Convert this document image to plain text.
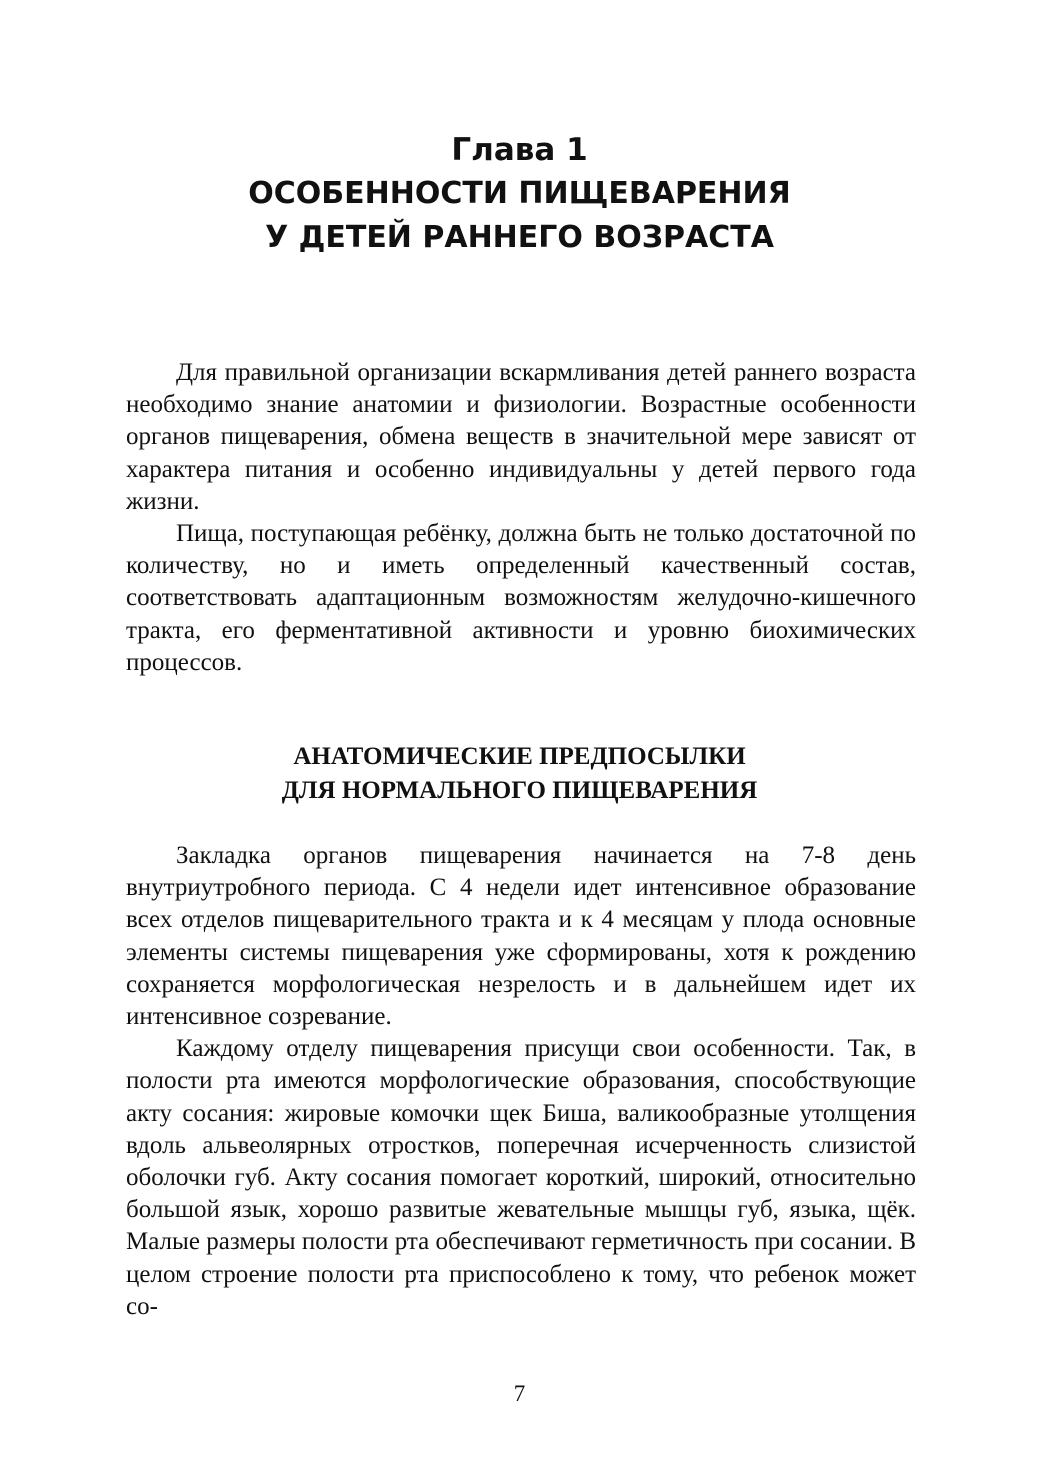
Глава 1
ОСОБЕННОСТИ ПИЩЕВАРЕНИЯ
У ДЕТЕЙ РАННЕГО ВОЗРАСТА

Для правильной организации вскармливания детей раннего возраста необходимо знание анатомии и физиологии. Возрастные особенности органов пищеварения, обмена веществ в значительной мере зависят от характера питания и особенно индивидуальны у детей первого года жизни.

Пища, поступающая ребёнку, должна быть не только достаточной по количеству, но и иметь определенный качественный состав, соответствовать адаптационным возможностям желудочно-кишечного тракта, его ферментативной активности и уровню биохимических процессов.

АНАТОМИЧЕСКИЕ ПРЕДПОСЫЛКИ
ДЛЯ НОРМАЛЬНОГО ПИЩЕВАРЕНИЯ

Закладка органов пищеварения начинается на 7-8 день внутриутробного периода. С 4 недели идет интенсивное образование всех отделов пищеварительного тракта и к 4 месяцам у плода основные элементы системы пищеварения уже сформированы, хотя к рождению сохраняется морфологическая незрелость и в дальнейшем идет их интенсивное созревание.

Каждому отделу пищеварения присущи свои особенности. Так, в полости рта имеются морфологические образования, способствующие акту сосания: жировые комочки щек Биша, валикообразные утолщения вдоль альвеолярных отростков, поперечная исчерченность слизистой оболочки губ. Акту сосания помогает короткий, широкий, относительно большой язык, хорошо развитые жевательные мышцы губ, языка, щёк. Малые размеры полости рта обеспечивают герметичность при сосании. В целом строение полости рта приспособлено к тому, что ребенок может со-

7
